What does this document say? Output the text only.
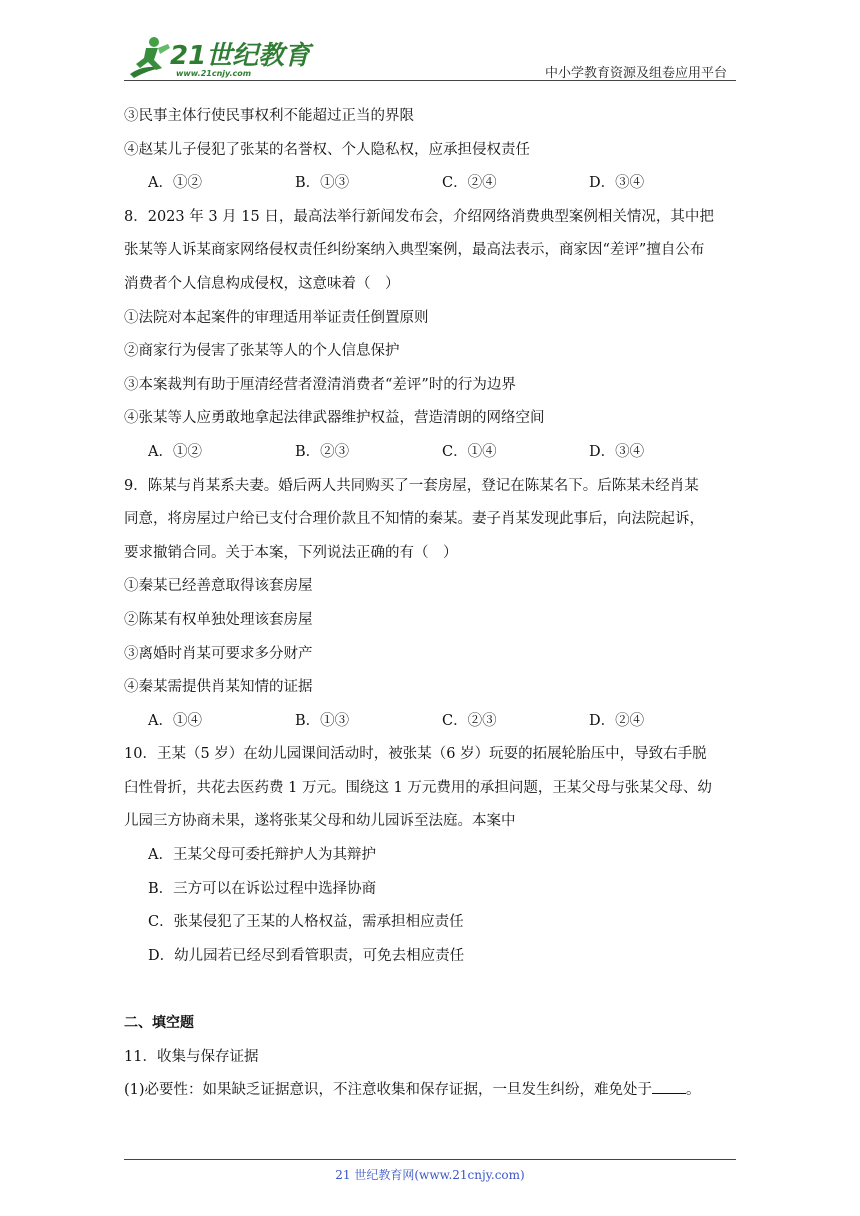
21世纪教育
www.21cnjy.com	中小学教育资源及组卷应用平台
③民事主体行使民事权利不能超过正当的界限
④赵某儿子侵犯了张某的名誉权、个人隐私权，应承担侵权责任
A．①②	B．①③	C．②④	D．③④
8．2023 年 3 月 15 日，最高法举行新闻发布会，介绍网络消费典型案例相关情况，其中把
张某等人诉某商家网络侵权责任纠纷案纳入典型案例，最高法表示，商家因“差评”擅自公布
消费者个人信息构成侵权，这意味着（　）
①法院对本起案件的审理适用举证责任倒置原则
②商家行为侵害了张某等人的个人信息保护
③本案裁判有助于厘清经营者澄清消费者“差评”时的行为边界
④张某等人应勇敢地拿起法律武器维护权益，营造清朗的网络空间
A．①②	B．②③	C．①④	D．③④
9．陈某与肖某系夫妻。婚后两人共同购买了一套房屋，登记在陈某名下。后陈某未经肖某
同意，将房屋过户给已支付合理价款且不知情的秦某。妻子肖某发现此事后，向法院起诉，
要求撤销合同。关于本案，下列说法正确的有（　）
①秦某已经善意取得该套房屋
②陈某有权单独处理该套房屋
③离婚时肖某可要求多分财产
④秦某需提供肖某知情的证据
A．①④	B．①③	C．②③	D．②④
10．王某（5 岁）在幼儿园课间活动时，被张某（6 岁）玩耍的拓展轮胎压中，导致右手脱
臼性骨折，共花去医药费 1 万元。围绕这 1 万元费用的承担问题，王某父母与张某父母、幼
儿园三方协商未果，遂将张某父母和幼儿园诉至法庭。本案中
A．王某父母可委托辩护人为其辩护
B．三方可以在诉讼过程中选择协商
C．张某侵犯了王某的人格权益，需承担相应责任
D．幼儿园若已经尽到看管职责，可免去相应责任
二、填空题
11．收集与保存证据
(1)必要性：如果缺乏证据意识，不注意收集和保存证据，一旦发生纠纷，难免处于 。
21 世纪教育网(www.21cnjy.com)
